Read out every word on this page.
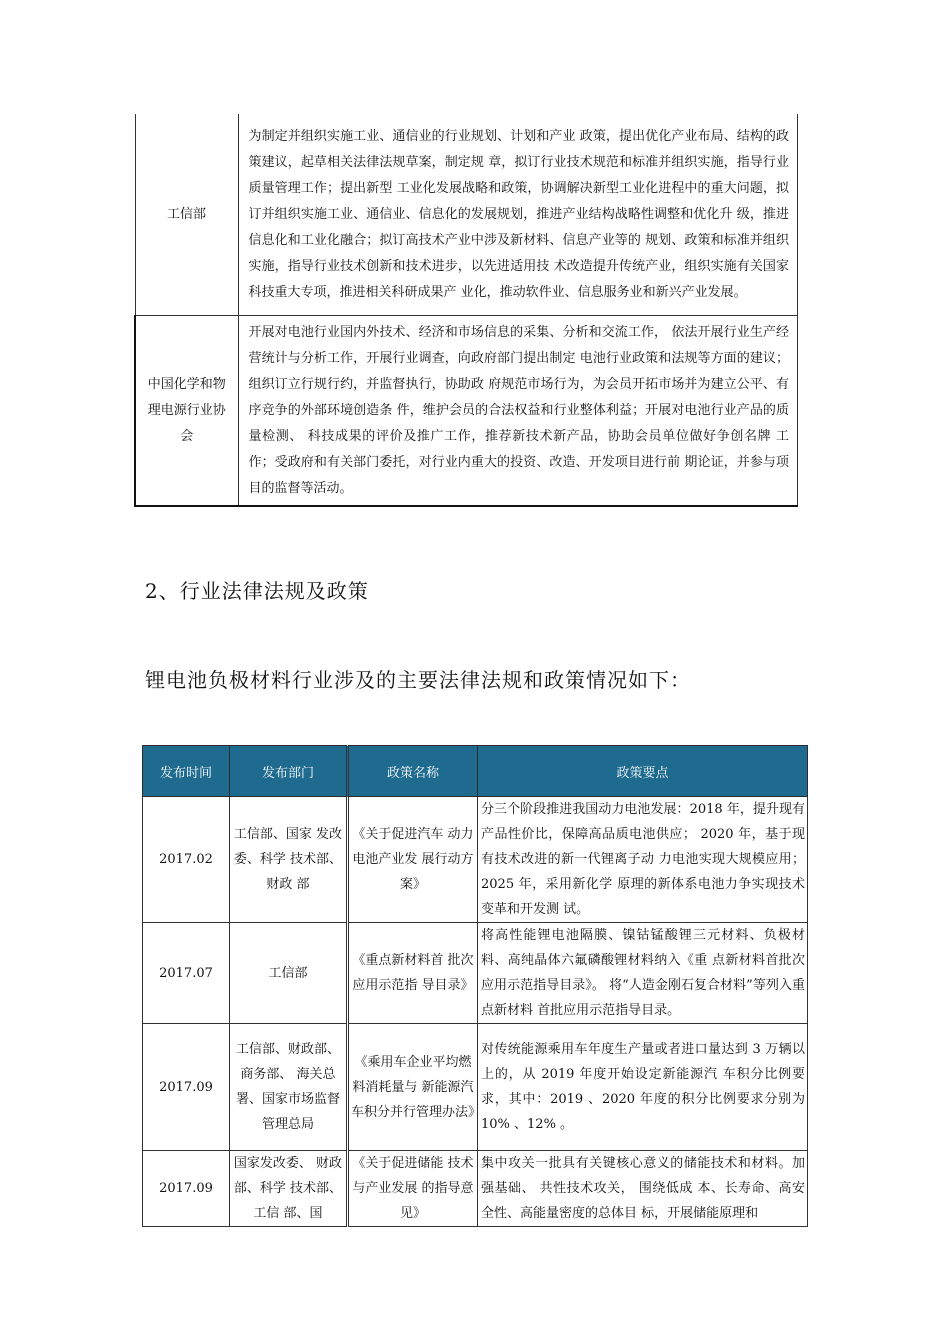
工信部	为制定并组织实施工业、通信业的行业规划、计划和产业 政策，提出优化产业布局、结构的政策建议，起草相关法律法规草案，制定规 章，拟订行业技术规范和标准并组织实施，指导行业质量管理工作；提出新型 工业化发展战略和政策，协调解决新型工业化进程中的重大问题，拟订并组织实施工业、通信业、信息化的发展规划，推进产业结构战略性调整和优化升 级，推进信息化和工业化融合；拟订高技术产业中涉及新材料、信息产业等的 规划、政策和标准并组织实施，指导行业技术创新和技术进步，以先进适用技 术改造提升传统产业，组织实施有关国家科技重大专项，推进相关科研成果产 业化，推动软件业、信息服务业和新兴产业发展。

中国化学和物理电源行业协会	开展对电池行业国内外技术、经济和市场信息的采集、分析和交流工作， 依法开展行业生产经营统计与分析工作，开展行业调查，向政府部门提出制定 电池行业政策和法规等方面的建议；组织订立行规行约，并监督执行，协助政 府规范市场行为，为会员开拓市场并为建立公平、有序竞争的外部环境创造条 件，维护会员的合法权益和行业整体利益；开展对电池行业产品的质量检测、 科技成果的评价及推广工作，推荐新技术新产品，协助会员单位做好争创名牌 工作；受政府和有关部门委托，对行业内重大的投资、改造、开发项目进行前 期论证，并参与项目的监督等活动。
2、行业法律法规及政策
锂电池负极材料行业涉及的主要法律法规和政策情况如下：
发布时间	发布部门	政策名称	政策要点
2017.02	工信部、国家 发改委、科学 技术部、财政 部	《关于促进汽车 动力电池产业发 展行动方案》	分三个阶段推进我国动力电池发展：2018 年，提升现有产品性价比，保障高品质电池供应； 2020 年，基于现有技术改进的新一代锂离子动 力电池实现大规模应用；2025 年，采用新化学 原理的新体系电池力争实现技术变革和开发测 试。
2017.07	工信部	《重点新材料首 批次应用示范指 导目录》	将高性能锂电池隔膜、镍钴锰酸锂三元材料、负极材料、高纯晶体六氟磷酸锂材料纳入《重 点新材料首批次应用示范指导目录》。 将“人造金刚石复合材料”等列入重点新材料 首批应用示范指导目录。
2017.09	工信部、财政部、商务部、 海关总署、国家市场监督管理总局	《乘用车企业平均燃料消耗量与 新能源汽车积分并行管理办法》	对传统能源乘用车年度生产量或者进口量达到 3 万辆以上的，从 2019 年度开始设定新能源汽 车积分比例要求，其中：2019 、2020 年度的积分比例要求分别为 10% 、12% 。
2017.09	国家发改委、 财政部、科学 技术部、工信 部、国	《关于促进储能 技术与产业发展 的指导意见》	集中攻关一批具有关键核心意义的储能技术和材料。加强基础、 共性技术攻关， 围绕低成 本、长寿命、高安全性、高能量密度的总体目 标，开展储能原理和
